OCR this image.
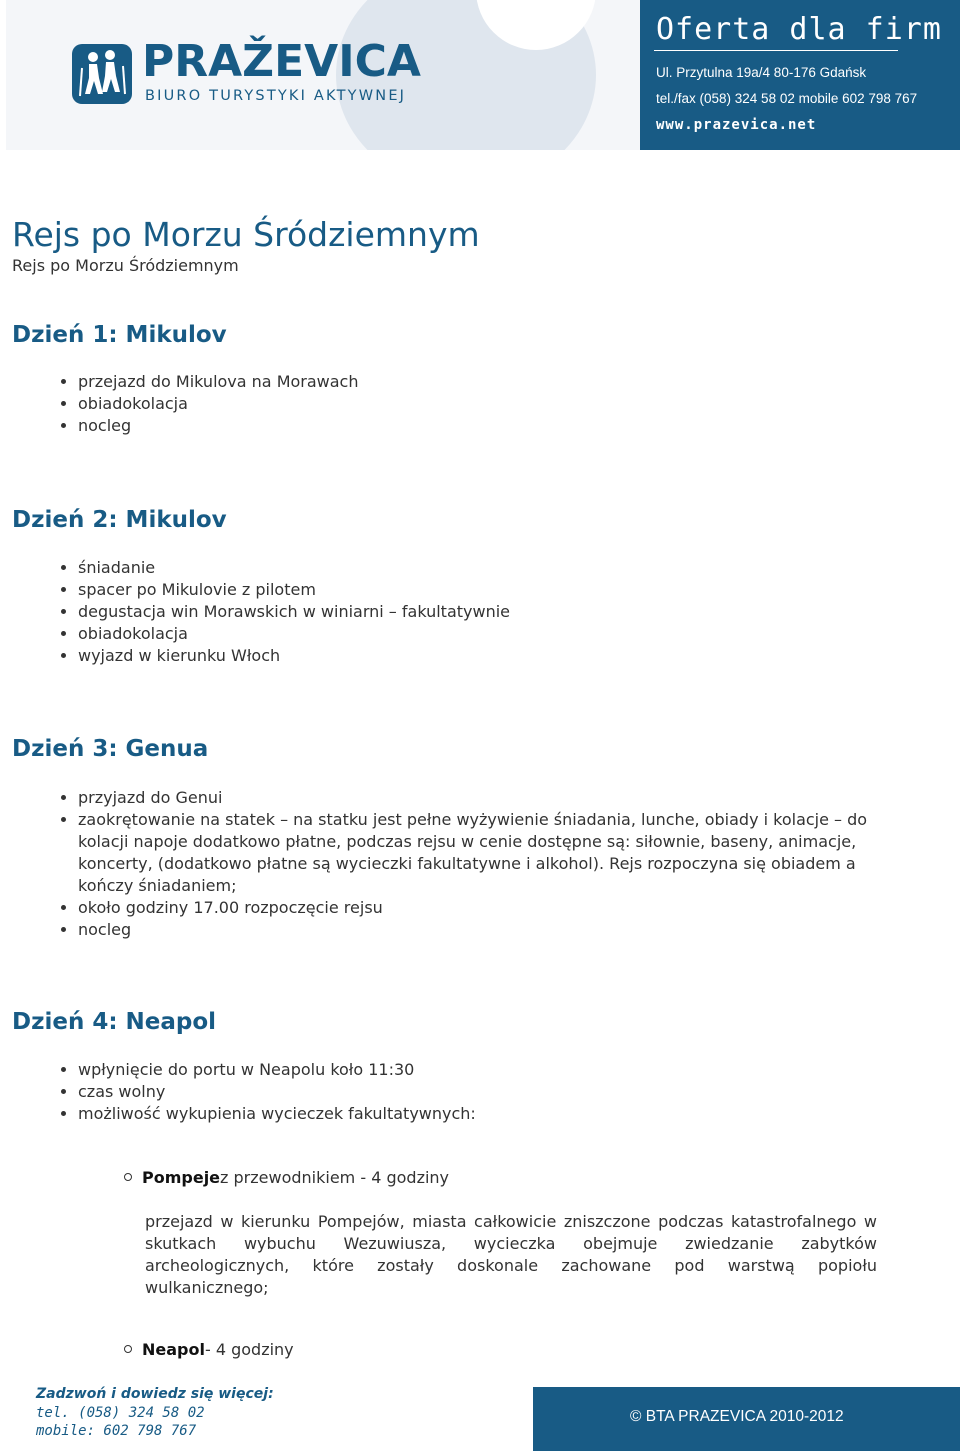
PRAŽEVICA
BIURO TURYSTYKI AKTYWNEJ
Oferta dla firm
Ul. Przytulna 19a/4 80-176 Gdańsk
tel./fax (058) 324 58 02 mobile 602 798 767
www.prazevica.net
Rejs po Morzu Śródziemnym
Rejs po Morzu Śródziemnym
Dzień 1: Mikulov
• przejazd do Mikulova na Morawach
• obiadokolacja
• nocleg
Dzień 2: Mikulov
• śniadanie
• spacer po Mikulovie z pilotem
• degustacja win Morawskich w winiarni – fakultatywnie
• obiadokolacja
• wyjazd w kierunku Włoch
Dzień 3: Genua
• przyjazd do Genui
• zaokrętowanie na statek – na statku jest pełne wyżywienie śniadania, lunche, obiady i kolacje – do kolacji napoje dodatkowo płatne, podczas rejsu w cenie dostępne są: siłownie, baseny, animacje, koncerty, (dodatkowo płatne są wycieczki fakultatywne i alkohol). Rejs rozpoczyna się obiadem a kończy śniadaniem;
• około godziny 17.00 rozpoczęcie rejsu
• nocleg
Dzień 4: Neapol
• wpłynięcie do portu w Neapolu koło 11:30
• czas wolny
• możliwość wykupienia wycieczek fakultatywnych:
Pompejez przewodnikiem - 4 godziny
przejazd w kierunku Pompejów, miasta całkowicie zniszczone podczas katastrofalnego w skutkach wybuchu Wezuwiusza, wycieczka obejmuje zwiedzanie zabytków archeologicznych, które zostały doskonale zachowane pod warstwą popiołu wulkanicznego;
Neapol- 4 godziny
Zadzwoń i dowiedz się więcej:
tel. (058) 324 58 02
mobile: 602 798 767
© BTA PRAZEVICA 2010-2012
